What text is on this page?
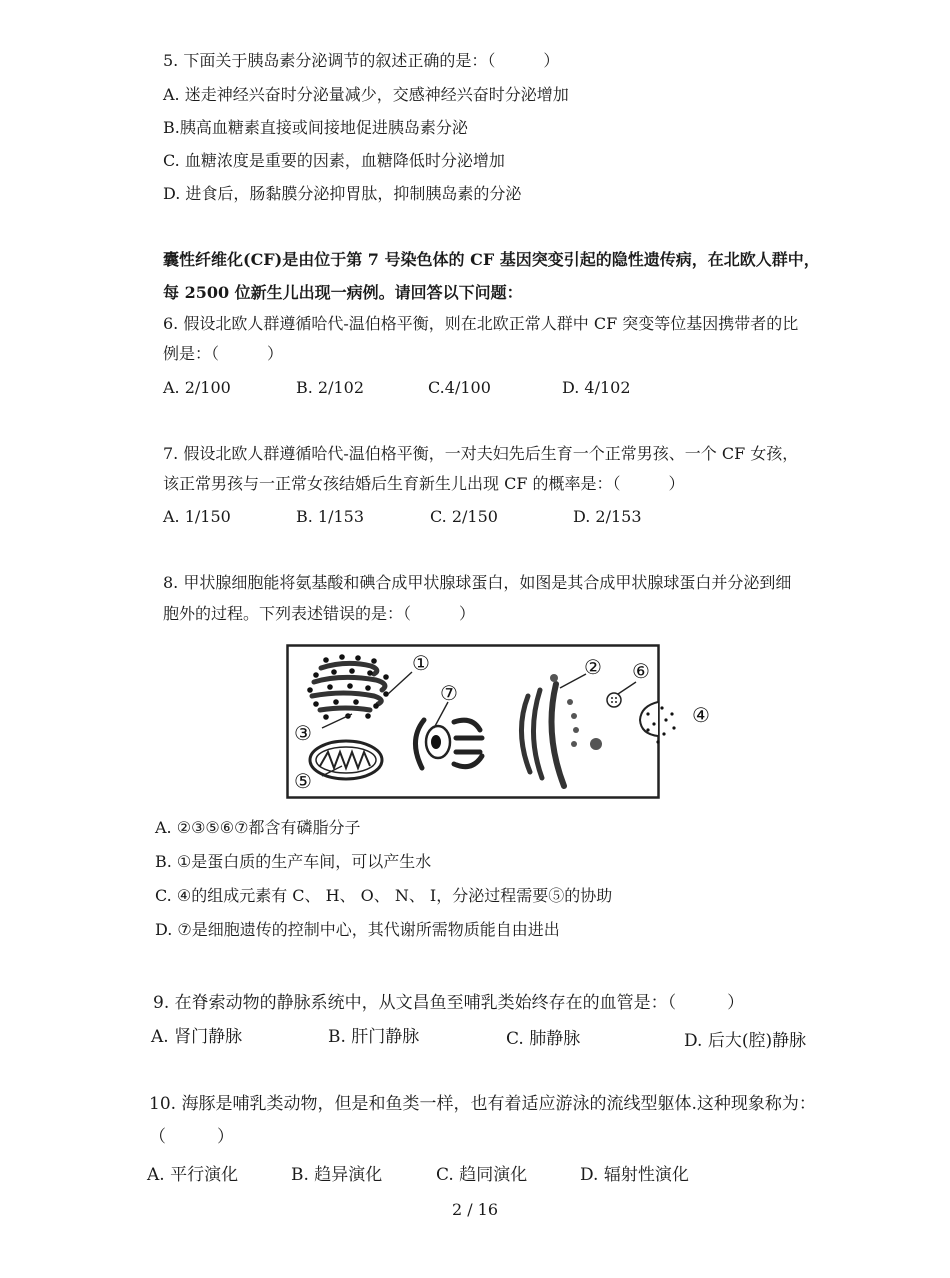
5. 下面关于胰岛素分泌调节的叙述正确的是：（　　　）
A. 迷走神经兴奋时分泌量减少，交感神经兴奋时分泌增加
B.胰高血糖素直接或间接地促进胰岛素分泌
C. 血糖浓度是重要的因素，血糖降低时分泌增加
D. 进食后，肠黏膜分泌抑胃肽，抑制胰岛素的分泌
囊性纤维化(CF)是由位于第 7 号染色体的 CF 基因突变引起的隐性遗传病，在北欧人群中，
每 2500 位新生儿出现一病例。请回答以下问题：
6. 假设北欧人群遵循哈代-温伯格平衡，则在北欧正常人群中 CF 突变等位基因携带者的比
例是：（　　　）
A. 2/100	B. 2/102	C.4/100	D. 4/102
7. 假设北欧人群遵循哈代-温伯格平衡，一对夫妇先后生育一个正常男孩、一个 CF 女孩，
该正常男孩与一正常女孩结婚后生育新生儿出现 CF 的概率是：（　　　）
A. 1/150	B. 1/153	C. 2/150	D. 2/153
8. 甲状腺细胞能将氨基酸和碘合成甲状腺球蛋白，如图是其合成甲状腺球蛋白并分泌到细
胞外的过程。下列表述错误的是：（　　　）
①	②
③
④
⑤
⑥
⑦
A. ②③⑤⑥⑦都含有磷脂分子
B. ①是蛋白质的生产车间，可以产生水
C. ④的组成元素有 C、 H、 O、 N、 I，分泌过程需要⑤的协助
D. ⑦是细胞遗传的控制中心，其代谢所需物质能自由进出
9. 在脊索动物的静脉系统中，从文昌鱼至哺乳类始终存在的血管是：（　　　）
A. 肾门静脉	B. 肝门静脉	C. 肺静脉	D. 后大(腔)静脉
10. 海豚是哺乳类动物，但是和鱼类一样，也有着适应游泳的流线型躯体.这种现象称为：
（　　　）
A. 平行演化	B. 趋异演化	C. 趋同演化	D. 辐射性演化
2 / 16
